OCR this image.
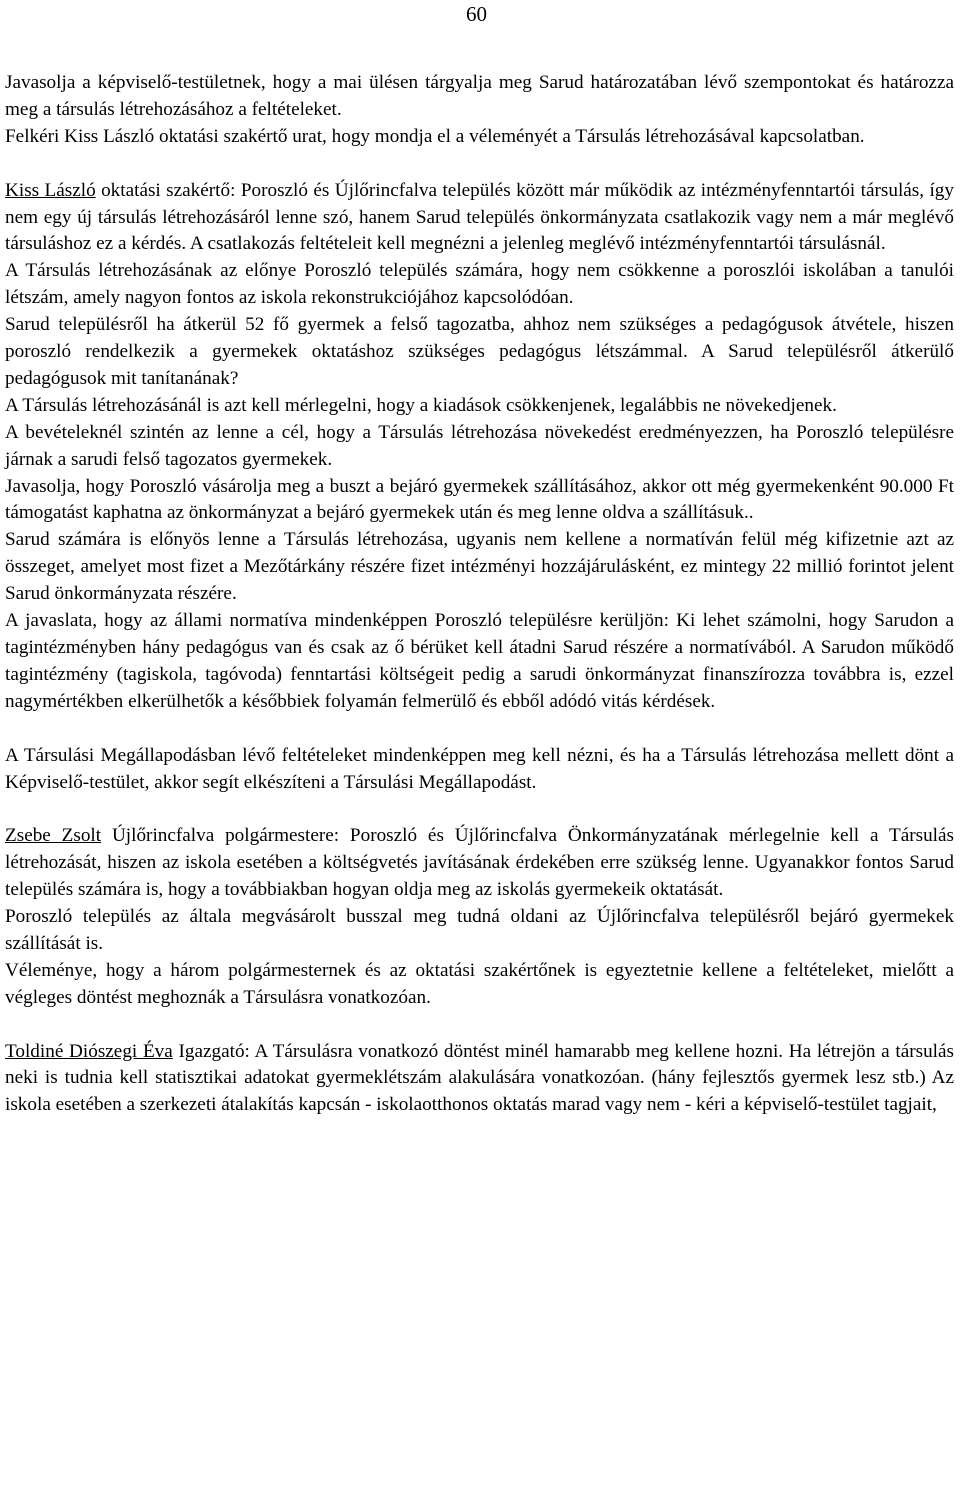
60

Javasolja a képviselő-testületnek, hogy a mai ülésen tárgyalja meg Sarud határozatában lévő szempontokat és határozza meg a társulás létrehozásához a feltételeket.

Felkéri Kiss László oktatási szakértő urat, hogy mondja el a véleményét a Társulás létrehozásával kapcsolatban.

Kiss László oktatási szakértő: Poroszló és Újlőrincfalva település között már működik az intézményfenntartói társulás, így nem egy új társulás létrehozásáról lenne szó, hanem Sarud település önkormányzata csatlakozik vagy nem a már meglévő társuláshoz ez a kérdés. A csatlakozás feltételeit kell megnézni a jelenleg meglévő intézményfenntartói társulásnál.

A Társulás létrehozásának az előnye Poroszló település számára, hogy nem csökkenne a poroszlói iskolában a tanulói létszám, amely nagyon fontos az iskola rekonstrukciójához kapcsolódóan.

Sarud településről ha átkerül 52 fő gyermek a felső tagozatba, ahhoz nem szükséges a pedagógusok átvétele, hiszen poroszló rendelkezik a gyermekek oktatáshoz szükséges pedagógus létszámmal. A Sarud településről átkerülő pedagógusok mit tanítanának?

A Társulás létrehozásánál is azt kell mérlegelni, hogy a kiadások csökkenjenek, legalábbis ne növekedjenek.

A bevételeknél szintén az lenne a cél, hogy a Társulás létrehozása növekedést eredményezzen, ha Poroszló településre járnak a sarudi felső tagozatos gyermekek.

Javasolja, hogy Poroszló vásárolja meg a buszt a bejáró gyermekek szállításához, akkor ott még gyermekenként 90.000 Ft támogatást kaphatna az önkormányzat a bejáró gyermekek után és meg lenne oldva a szállításuk..

Sarud számára is előnyös lenne a Társulás létrehozása, ugyanis nem kellene a normatíván felül még kifizetnie azt az összeget, amelyet most fizet a Mezőtárkány részére fizet intézményi hozzájárulásként, ez mintegy 22 millió forintot jelent Sarud önkormányzata részére.

A javaslata, hogy az állami normatíva mindenképpen Poroszló településre kerüljön: Ki lehet számolni, hogy Sarudon a tagintézményben hány pedagógus van és csak az ő bérüket kell átadni Sarud részére a normatívából. A Sarudon működő tagintézmény (tagiskola, tagóvoda) fenntartási költségeit pedig a sarudi önkormányzat finanszírozza továbbra is, ezzel nagymértékben elkerülhetők a későbbiek folyamán felmerülő és ebből adódó vitás kérdések.

A Társulási Megállapodásban lévő feltételeket mindenképpen meg kell nézni, és ha a Társulás létrehozása mellett dönt a Képviselő-testület, akkor segít elkészíteni a Társulási Megállapodást.

Zsebe Zsolt Újlőrincfalva polgármestere: Poroszló és Újlőrincfalva Önkormányzatának mérlegelnie kell a Társulás létrehozását, hiszen az iskola esetében a költségvetés javításának érdekében erre szükség lenne. Ugyanakkor fontos Sarud település számára is, hogy a továbbiakban hogyan oldja meg az iskolás gyermekeik oktatását.

Poroszló település az általa megvásárolt busszal meg tudná oldani az Újlőrincfalva településről bejáró gyermekek szállítását is.

Véleménye, hogy a három polgármesternek és az oktatási szakértőnek is egyeztetnie kellene a feltételeket, mielőtt a végleges döntést meghoznák a Társulásra vonatkozóan.

Toldiné Diószegi Éva Igazgató: A Társulásra vonatkozó döntést minél hamarabb meg kellene hozni. Ha létrejön a társulás neki is tudnia kell statisztikai adatokat gyermeklétszám alakulására vonatkozóan. (hány fejlesztős gyermek lesz stb.) Az iskola esetében a szerkezeti átalakítás kapcsán - iskolaotthonos oktatás marad vagy nem - kéri a képviselő-testület tagjait,
